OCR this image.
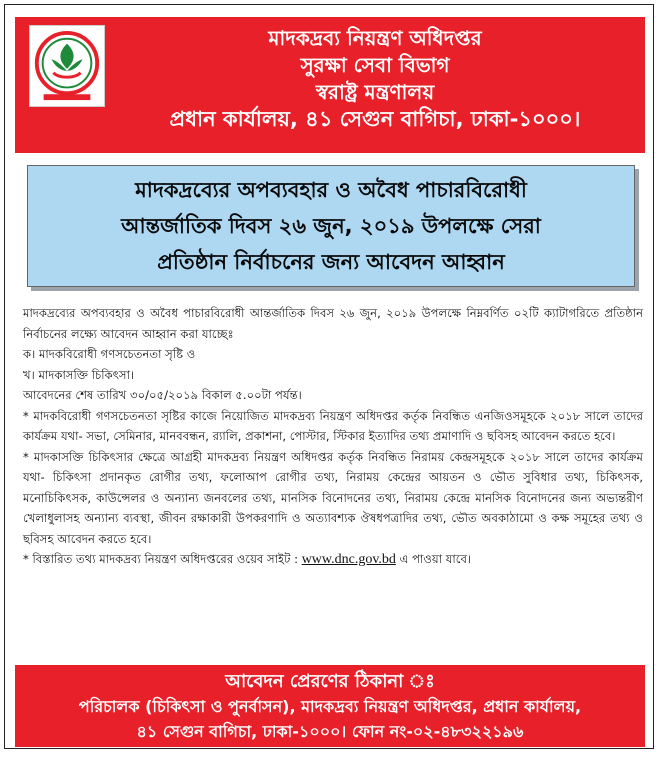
মাদকদ্রব্য নিয়ন্ত্রণ অধিদপ্তর
সুরক্ষা সেবা বিভাগ
স্বরাষ্ট্র মন্ত্রণালয়
প্রধান কার্যালয়, ৪১ সেগুন বাগিচা, ঢাকা-১০০০।
মাদকদ্রব্যের অপব্যবহার ও অবৈধ পাচারবিরোধী
আন্তর্জাতিক দিবস ২৬ জুন, ২০১৯ উপলক্ষে সেরা
প্রতিষ্ঠান নির্বাচনের জন্য আবেদন আহ্বান

মাদকদ্রব্যের অপব্যবহার ও অবৈধ পাচারবিরোধী আন্তর্জাতিক দিবস ২৬ জুন, ২০১৯ উপলক্ষে নিম্নবর্ণিত ০২টি ক্যাটাগরিতে প্রতিষ্ঠান নির্বাচনের লক্ষ্যে আবেদন আহ্বান করা যাচ্ছেঃ

ক। মাদকবিরোধী গণসচেতনতা সৃষ্টি ও

খ। মাদকাসক্তি চিকিৎসা।

আবেদনের শেষ তারিখ ৩০/০৫/২০১৯ বিকাল ৫.০০টা পর্যন্ত।

* মাদকবিরোধী গণসচেতনতা সৃষ্টির কাজে নিয়োজিত মাদকদ্রব্য নিয়ন্ত্রণ অধিদপ্তর কর্তৃক নিবন্ধিত এনজিওসমূহকে ২০১৮ সালে তাদের কার্যক্রম যথা- সভা, সেমিনার, মানববন্ধন, র‍্যালি, প্রকাশনা, পোস্টার, স্টিকার ইত্যাদির তথ্য প্রমাণাদি ও ছবিসহ আবেদন করতে হবে।

* মাদকাসক্তি চিকিৎসার ক্ষেত্রে আগ্রহী মাদকদ্রব্য নিয়ন্ত্রণ অধিদপ্তর কর্তৃক নিবন্ধিত নিরাময় কেন্দ্রসমূহকে ২০১৮ সালে তাদের কার্যক্রম যথা- চিকিৎসা প্রদানকৃত রোগীর তথ্য, ফলোআপ রোগীর তথ্য, নিরাময় কেন্দ্রের আয়তন ও ভৌত সুবিধার তথ্য, চিকিৎসক, মনোচিকিৎসক, কাউন্সেলর ও অন্যান্য জনবলের তথ্য, মানসিক বিনোদনের তথ্য, নিরাময় কেন্দ্রে মানসিক বিনোদনের জন্য অভ্যন্তরীণ খেলাধুলাসহ অন্যান্য ব্যবস্থা, জীবন রক্ষাকারী উপকরণাদি ও অত্যাবশ্যক ঔষধপত্রাদির তথ্য, ভৌত অবকাঠামো ও কক্ষ সমূহের তথ্য ও ছবিসহ আবেদন করতে হবে।

* বিস্তারিত তথ্য মাদকদ্রব্য নিয়ন্ত্রণ অধিদপ্তরের ওয়েব সাইট : www.dnc.gov.bd এ পাওয়া যাবে।

আবেদন প্রেরণের ঠিকানা ঃ
পরিচালক (চিকিৎসা ও পুনর্বাসন), মাদকদ্রব্য নিয়ন্ত্রণ অধিদপ্তর, প্রধান কার্যালয়,
৪১ সেগুন বাগিচা, ঢাকা-১০০০। ফোন নং-০২-৪৮৩২২১৯৬
